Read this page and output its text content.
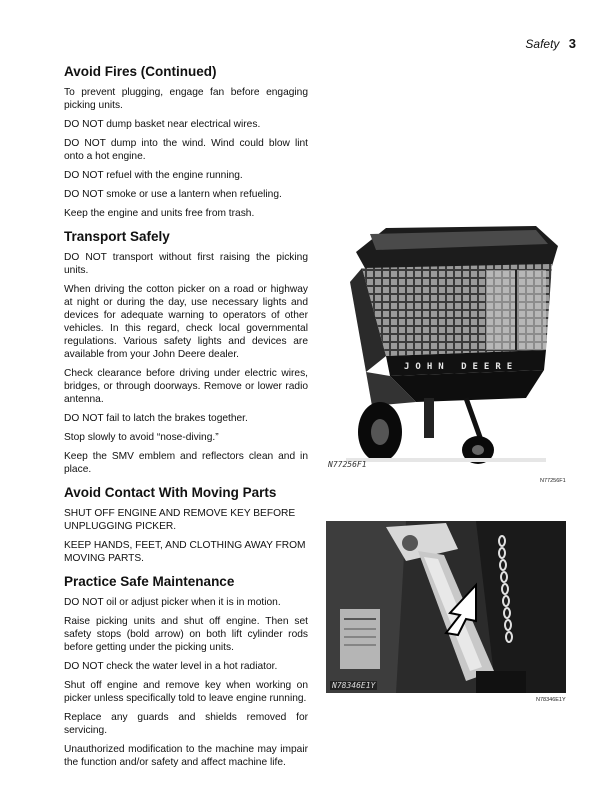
Safety 3
Avoid Fires (Continued)

To prevent plugging, engage fan before engaging picking units.

DO NOT dump basket near electrical wires.

DO NOT dump into the wind. Wind could blow lint onto a hot engine.

DO NOT refuel with the engine running.

DO NOT smoke or use a lantern when refueling.

Keep the engine and units free from trash.

Transport Safely

DO NOT transport without first raising the picking units.

When driving the cotton picker on a road or highway at night or during the day, use necessary lights and devices for adequate warning to operators of other vehicles. In this regard, check local governmental regulations. Various safety lights and devices are available from your John Deere dealer.

Check clearance before driving under electric wires, bridges, or through doorways. Remove or lower radio antenna.

DO NOT fail to latch the brakes together.

Stop slowly to avoid “nose-diving.”

Keep the SMV emblem and reflectors clean and in place.

Avoid Contact With Moving Parts

SHUT OFF ENGINE AND REMOVE KEY BEFORE UNPLUGGING PICKER.

KEEP HANDS, FEET, AND CLOTHING AWAY FROM MOVING PARTS.

Practice Safe Maintenance

DO NOT oil or adjust picker when it is in motion.

Raise picking units and shut off engine. Then set safety stops (bold arrow) on both lift cylinder rods before getting under the picking units.

DO NOT check the water level in a hot radiator.

Shut off engine and remove key when working on picker unless specifically told to leave engine running.

Replace any guards and shields removed for servicing.

Unauthorized modification to the machine may impair the function and/or safety and affect machine life.

JOHN DEERE
N77256F1
N77256F1
N78346E1Y
N78346E1Y
